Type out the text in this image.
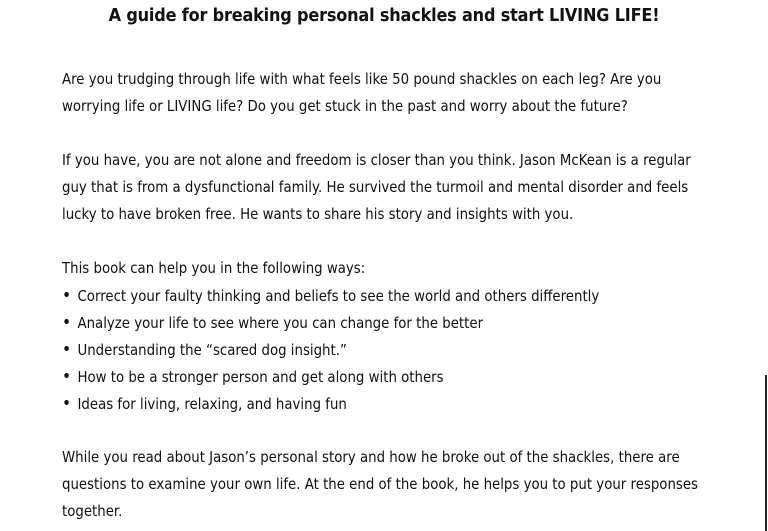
A guide for breaking personal shackles and start LIVING LIFE!
Are you trudging through life with what feels like 50 pound shackles on each leg? Are you
worrying life or LIVING life? Do you get stuck in the past and worry about the future?
If you have, you are not alone and freedom is closer than you think. Jason McKean is a regular
guy that is from a dysfunctional family. He survived the turmoil and mental disorder and feels
lucky to have broken free. He wants to share his story and insights with you.
This book can help you in the following ways:
• Correct your faulty thinking and beliefs to see the world and others differently
• Analyze your life to see where you can change for the better
• Understanding the “scared dog insight.”
• How to be a stronger person and get along with others
• Ideas for living, relaxing, and having fun
While you read about Jason’s personal story and how he broke out of the shackles, there are
questions to examine your own life. At the end of the book, he helps you to put your responses
together.
